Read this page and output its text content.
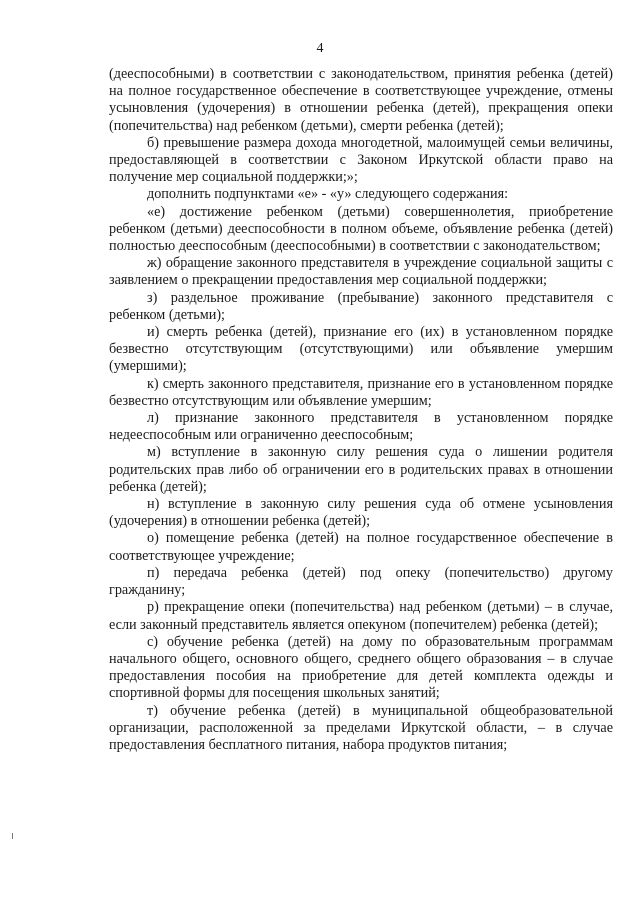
4

(дееспособными) в соответствии с законодательством, принятия ребенка (детей) на полное государственное обеспечение в соответствующее учреждение, отмены усыновления (удочерения) в отношении ребенка (детей), прекращения опеки (попечительства) над ребенком (детьми), смерти ребенка (детей);

б) превышение размера дохода многодетной, малоимущей семьи величины, предоставляющей в соответствии с Законом Иркутской области право на получение мер социальной поддержки;»;

дополнить подпунктами «е» - «у» следующего содержания:

«е) достижение ребенком (детьми) совершеннолетия, приобретение ребенком (детьми) дееспособности в полном объеме, объявление ребенка (детей) полностью дееспособным (дееспособными) в соответствии с законодательством;

ж) обращение законного представителя в учреждение социальной защиты с заявлением о прекращении предоставления мер социальной поддержки;

з) раздельное проживание (пребывание) законного представителя с ребенком (детьми);

и) смерть ребенка (детей), признание его (их) в установленном порядке безвестно отсутствующим (отсутствующими) или объявление умершим (умершими);

к) смерть законного представителя, признание его в установленном порядке безвестно отсутствующим или объявление умершим;

л) признание законного представителя в установленном порядке недееспособным или ограниченно дееспособным;

м) вступление в законную силу решения суда о лишении родителя родительских прав либо об ограничении его в родительских правах в отношении ребенка (детей);

н) вступление в законную силу решения суда об отмене усыновления (удочерения) в отношении ребенка (детей);

о) помещение ребенка (детей) на полное государственное обеспечение в соответствующее учреждение;

п) передача ребенка (детей) под опеку (попечительство) другому гражданину;

р) прекращение опеки (попечительства) над ребенком (детьми) – в случае, если законный представитель является опекуном (попечителем) ребенка (детей);

с) обучение ребенка (детей) на дому по образовательным программам начального общего, основного общего, среднего общего образования – в случае предоставления пособия на приобретение для детей комплекта одежды и спортивной формы для посещения школьных занятий;

т) обучение ребенка (детей) в муниципальной общеобразовательной организации, расположенной за пределами Иркутской области, – в случае предоставления бесплатного питания, набора продуктов питания;
